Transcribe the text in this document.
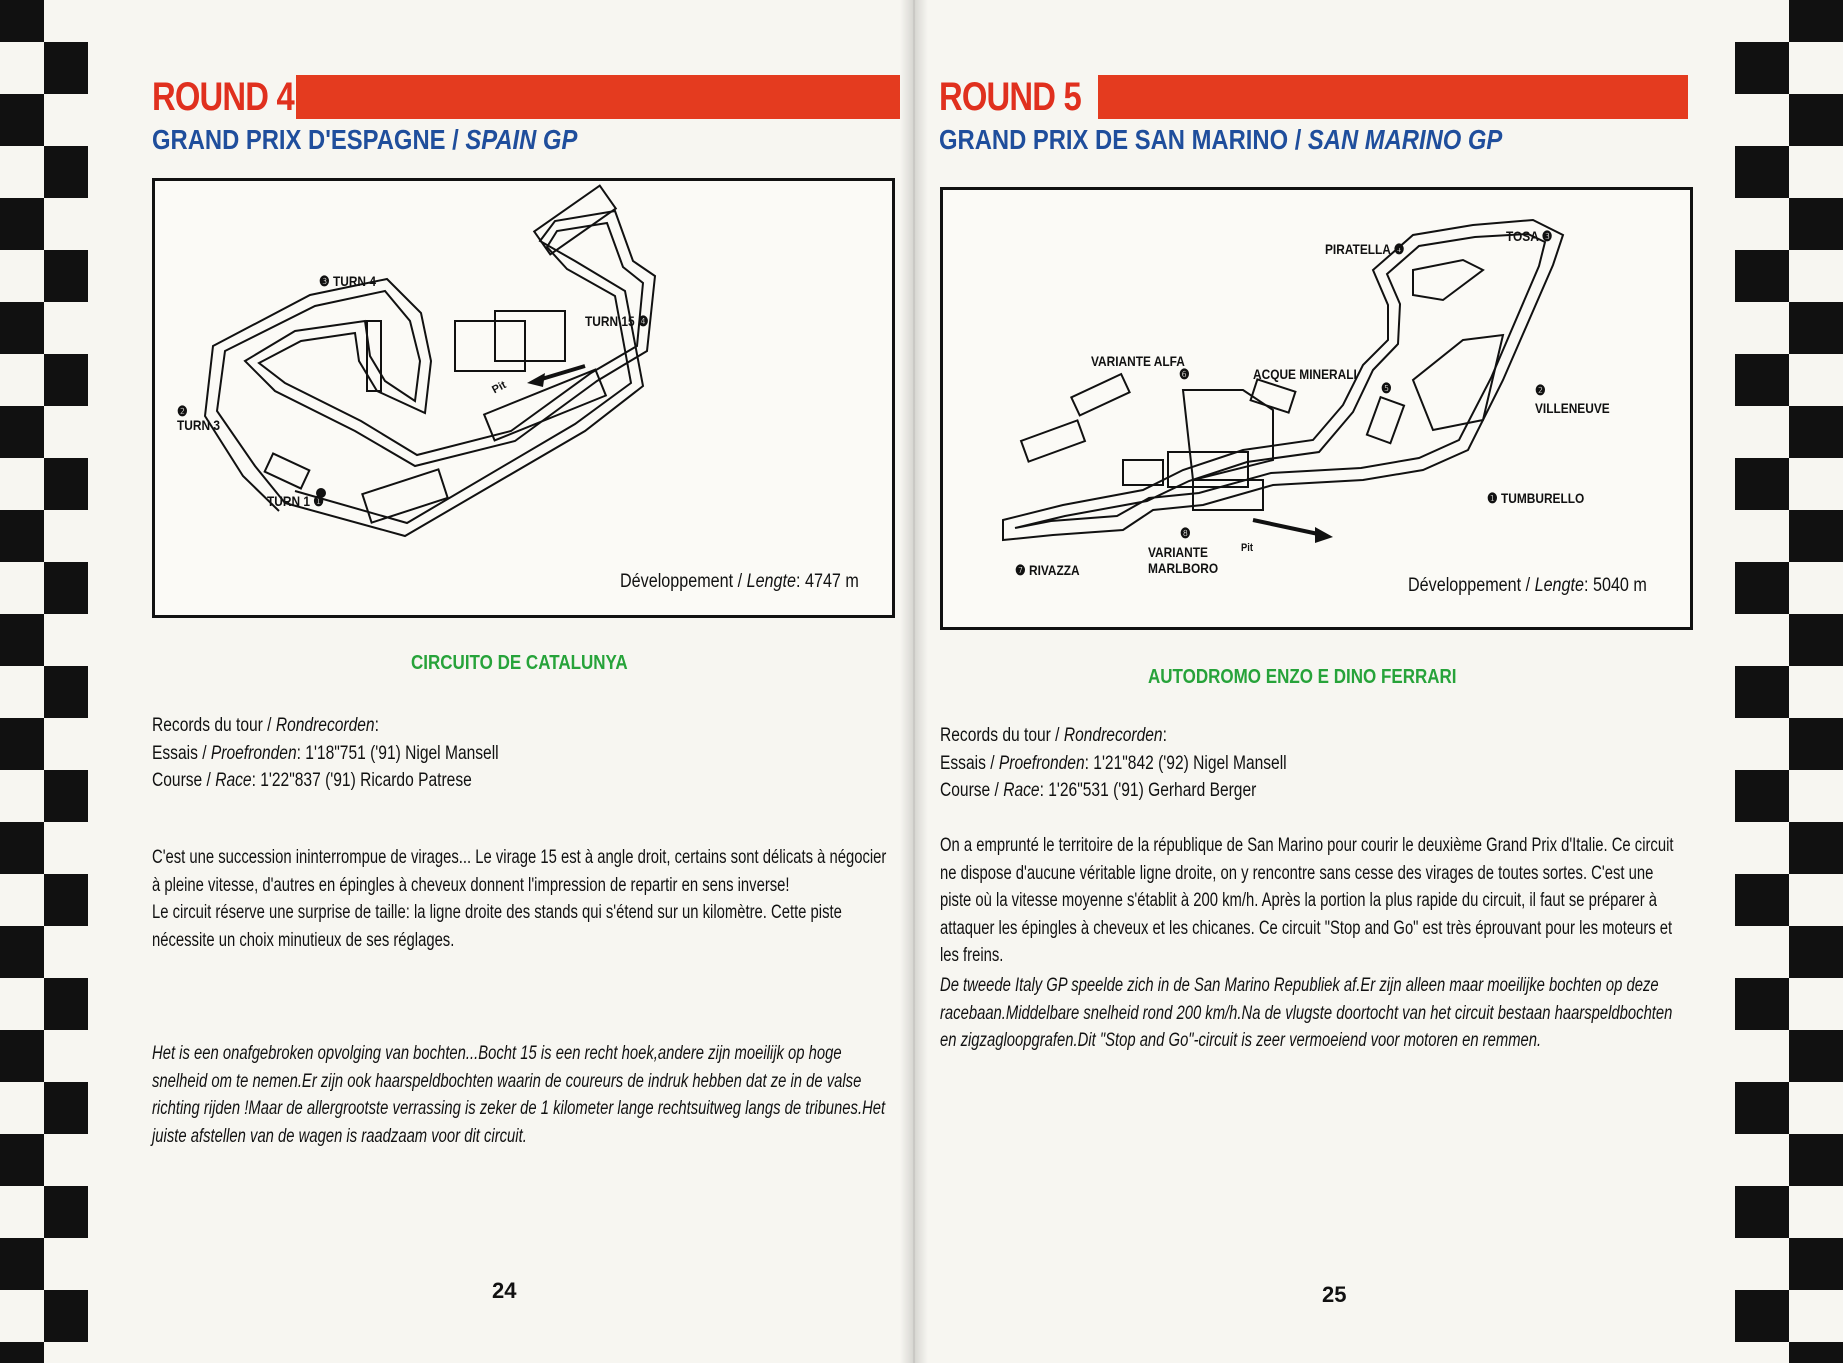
ROUND 4
GRAND PRIX D'ESPAGNE / SPAIN GP
❸ TURN 4
TURN 15 ❹
❷
TURN 3
TURN 1 ❶
Pit
Développement / Lengte: 4747 m
CIRCUITO DE CATALUNYA
Records du tour / Rondrecorden:
Essais / Proefronden: 1'18"751 ('91) Nigel Mansell
Course / Race: 1'22"837 ('91) Ricardo Patrese
C'est une succession ininterrompue de virages... Le virage 15 est à angle droit, certains sont délicats à négocier à pleine vitesse, d'autres en épingles à cheveux donnent l'impression de repartir en sens inverse!
Le circuit réserve une surprise de taille: la ligne droite des stands qui s'étend sur un kilomètre. Cette piste nécessite un choix minutieux de ses réglages.
Het is een onafgebroken opvolging van bochten...Bocht 15 is een recht hoek,andere zijn moeilijk op hoge snelheid om te nemen.Er zijn ook haarspeldbochten waarin de coureurs de indruk hebben dat ze in de valse richting rijden !Maar de allergrootste verrassing is zeker de 1 kilometer lange rechtsuitweg langs de tribunes.Het juiste afstellen van de wagen is raadzaam voor dit circuit.
24
ROUND 5
GRAND PRIX DE SAN MARINO / SAN MARINO GP
PIRATELLA ❹
TOSA ❸
VARIANTE ALFA
❻	ACQUE MINERALI
❺	❷
VILLENEUVE
❶ TUMBURELLO
❼ RIVAZZA
❽
VARIANTE
MARLBORO
Pit
Développement / Lengte: 5040 m
AUTODROMO ENZO E DINO FERRARI
Records du tour / Rondrecorden:
Essais / Proefronden: 1'21"842 ('92) Nigel Mansell
Course / Race: 1'26"531 ('91) Gerhard Berger
On a emprunté le territoire de la république de San Marino pour courir le deuxième Grand Prix d'Italie. Ce circuit ne dispose d'aucune véritable ligne droite, on y rencontre sans cesse des virages de toutes sortes. C'est une piste où la vitesse moyenne s'établit à 200 km/h. Après la portion la plus rapide du circuit, il faut se préparer à attaquer les épingles à cheveux et les chicanes. Ce circuit "Stop and Go" est très éprouvant pour les moteurs et les freins.
De tweede Italy GP speelde zich in de San Marino Republiek af.Er zijn alleen maar moeilijke bochten op deze racebaan.Middelbare snelheid rond 200 km/h.Na de vlugste doortocht van het circuit bestaan haarspeldbochten en zigzagloopgrafen.Dit "Stop and Go"-circuit is zeer vermoeiend voor motoren en remmen.
25
